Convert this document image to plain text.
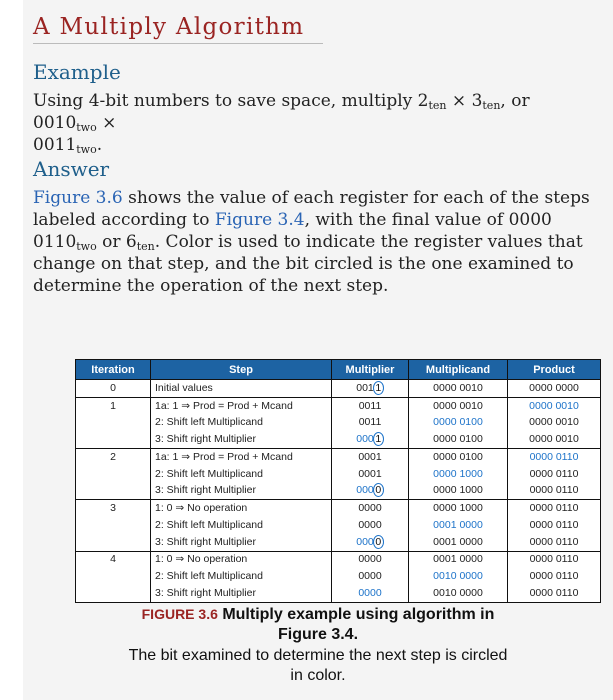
A Multiply Algorithm
Example
Using 4-bit numbers to save space, multiply $2_{ten} \times 3_{ten}$, or $0010_{two}$ ×
$0011_{two}$.
Answer
Figure 3.6 shows the value of each register for each of the steps labeled according to Figure 3.4, with the final value of 0000 $0110_{two}$ or $6_{ten}$. Color is used to indicate the register values that change on that step, and the bit circled is the one examined to determine the operation of the next step.
Iteration	Step	Multiplier	Multiplicand	Product
0	Initial values	001 1	0000 0010	0000 0000
1	1a: 1 ⇒ Prod = Prod + Mcand	0011	0000 0010	0000 0010
	2: Shift left Multiplicand	0011	0000 0100	0000 0010
	3: Shift right Multiplier	000 1	0000 0100	0000 0010
2	1a: 1 ⇒ Prod = Prod + Mcand	0001	0000 0100	0000 0110
	2: Shift left Multiplicand	0001	0000 1000	0000 0110
	3: Shift right Multiplier	000 0	0000 1000	0000 0110
3	1: 0 ⇒ No operation	0000	0000 1000	0000 0110
	2: Shift left Multiplicand	0000	0001 0000	0000 0110
	3: Shift right Multiplier	000 0	0001 0000	0000 0110
4	1: 0 ⇒ No operation	0000	0001 0000	0000 0110
	2: Shift left Multiplicand	0000	0010 0000	0000 0110
	3: Shift right Multiplier	0000	0010 0000	0000 0110
FIGURE 3.6 Multiply example using algorithm in
Figure 3.4.
The bit examined to determine the next step is circled in color.
